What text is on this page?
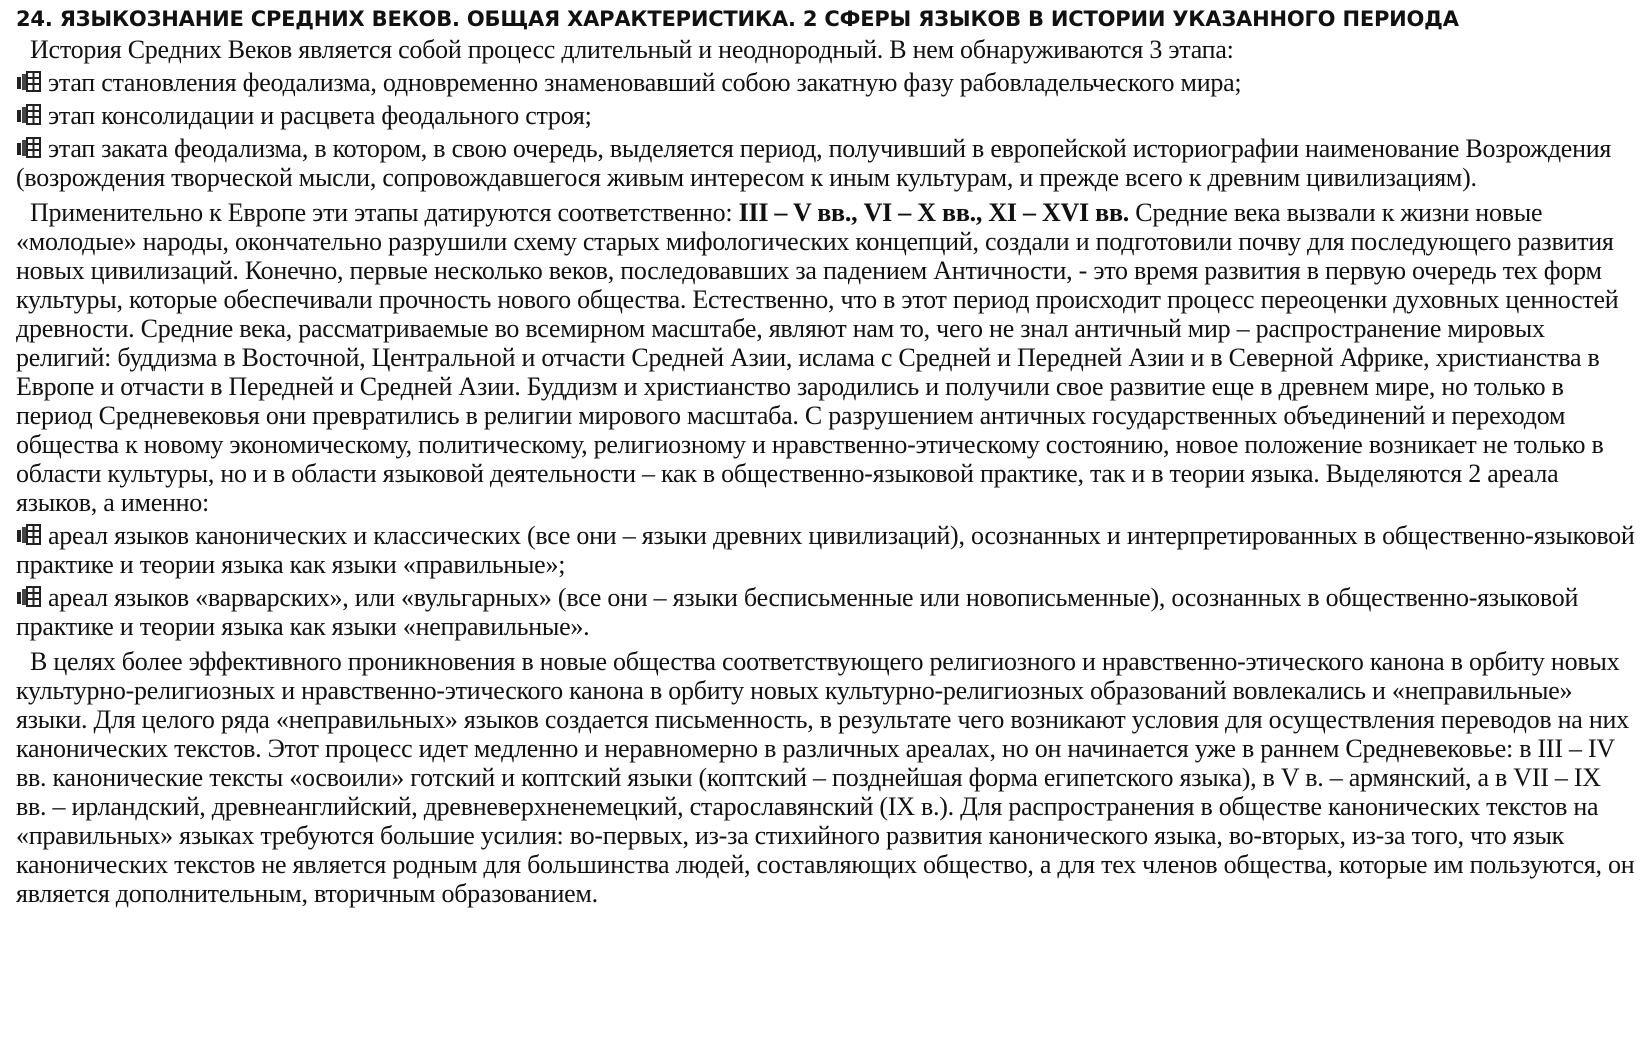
24. ЯЗЫКОЗНАНИЕ СРЕДНИХ ВЕКОВ. ОБЩАЯ ХАРАКТЕРИСТИКА. 2 СФЕРЫ ЯЗЫКОВ В ИСТОРИИ УКАЗАННОГО ПЕРИОДА

История Средних Веков является собой процесс длительный и неоднородный. В нем обнаруживаются 3 этапа:

этап становления феодализма, одновременно знаменовавший собою закатную фазу рабовладельческого мира;

этап консолидации и расцвета феодального строя;

этап заката феодализма, в котором, в свою очередь, выделяется период, получивший в европейской историографии наименование Возрождения (возрождения творческой мысли, сопровождавшегося живым интересом к иным культурам, и прежде всего к древним цивилизациям).

Применительно к Европе эти этапы датируются соответственно: III – V вв., VI – X вв., XI – XVI вв. Средние века вызвали к жизни новые «молодые» народы, окончательно разрушили схему старых мифологических концепций, создали и подготовили почву для последующего развития новых цивилизаций. Конечно, первые несколько веков, последовавших за падением Античности, - это время развития в первую очередь тех форм культуры, которые обеспечивали прочность нового общества. Естественно, что в этот период происходит процесс переоценки духовных ценностей древности. Средние века, рассматриваемые во всемирном масштабе, являют нам то, чего не знал античный мир – распространение мировых религий: буддизма в Восточной, Центральной и отчасти Средней Азии, ислама с Средней и Передней Азии и в Северной Африке, христианства в Европе и отчасти в Передней и Средней Азии. Буддизм и христианство зародились и получили свое развитие еще в древнем мире, но только в период Средневековья они превратились в религии мирового масштаба. С разрушением античных государственных объединений и переходом общества к новому экономическому, политическому, религиозному и нравственно-этическому состоянию, новое положение возникает не только в области культуры, но и в области языковой деятельности – как в общественно-языковой практике, так и в теории языка. Выделяются 2 ареала языков, а именно:

ареал языков канонических и классических (все они – языки древних цивилизаций), осознанных и интерпретированных в общественно-языковой практике и теории языка как языки «правильные»;

ареал языков «варварских», или «вульгарных» (все они – языки бесписьменные или новописьменные), осознанных в общественно-языковой практике и теории языка как языки «неправильные».

В целях более эффективного проникновения в новые общества соответствующего религиозного и нравственно-этического канона в орбиту новых культурно-религиозных и нравственно-этического канона в орбиту новых культурно-религиозных образований вовлекались и «неправильные» языки. Для целого ряда «неправильных» языков создается письменность, в результате чего возникают условия для осуществления переводов на них канонических текстов. Этот процесс идет медленно и неравномерно в различных ареалах, но он начинается уже в раннем Средневековье: в III – IV вв. канонические тексты «освоили» готский и коптский языки (коптский – позднейшая форма египетского языка), в V в. – армянский, а в VII – IX вв. – ирландский, древнеанглийский, древневерхненемецкий, старославянский (IX в.). Для распространения в обществе канонических текстов на «правильных» языках требуются большие усилия: во-первых, из-за стихийного развития канонического языка, во-вторых, из-за того, что язык канонических текстов не является родным для большинства людей, составляющих общество, а для тех членов общества, которые им пользуются, он является дополнительным, вторичным образованием.
